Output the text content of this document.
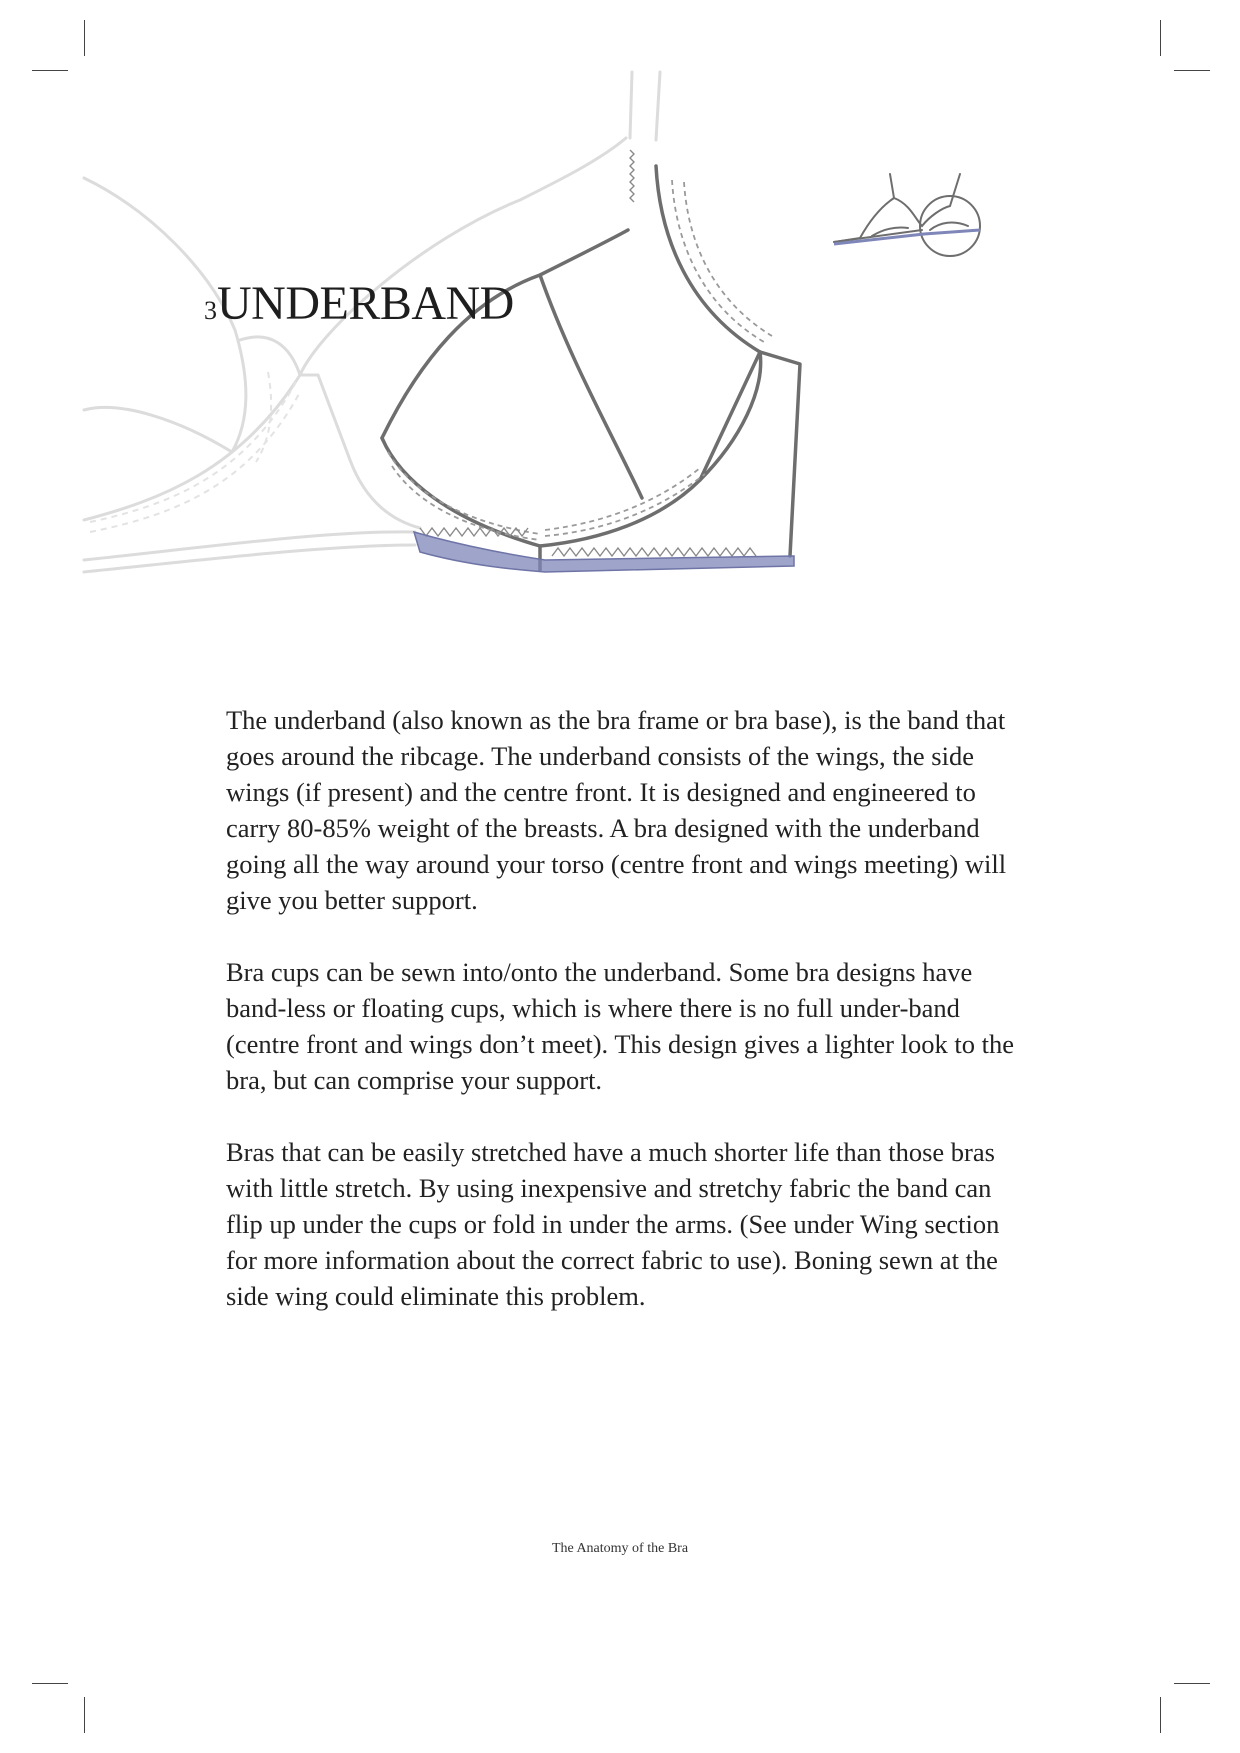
3UNDERBAND

The underband (also known as the bra frame or bra base), is the band that goes around the ribcage. The underband consists of the wings, the side wings (if present) and the centre front. It is designed and engineered to carry 80-85% weight of the breasts. A bra designed with the underband going all the way around your torso (centre front and wings meeting) will give you better support.

Bra cups can be sewn into/onto the underband. Some bra designs have band-less or floating cups, which is where there is no full under-band (centre front and wings don’t meet). This design gives a lighter look to the bra, but can comprise your support.

Bras that can be easily stretched have a much shorter life than those bras with little stretch. By using inexpensive and stretchy fabric the band can flip up under the cups or fold in under the arms. (See under Wing section for more information about the correct fabric to use). Boning sewn at the side wing could eliminate this problem.

The Anatomy of the Bra
